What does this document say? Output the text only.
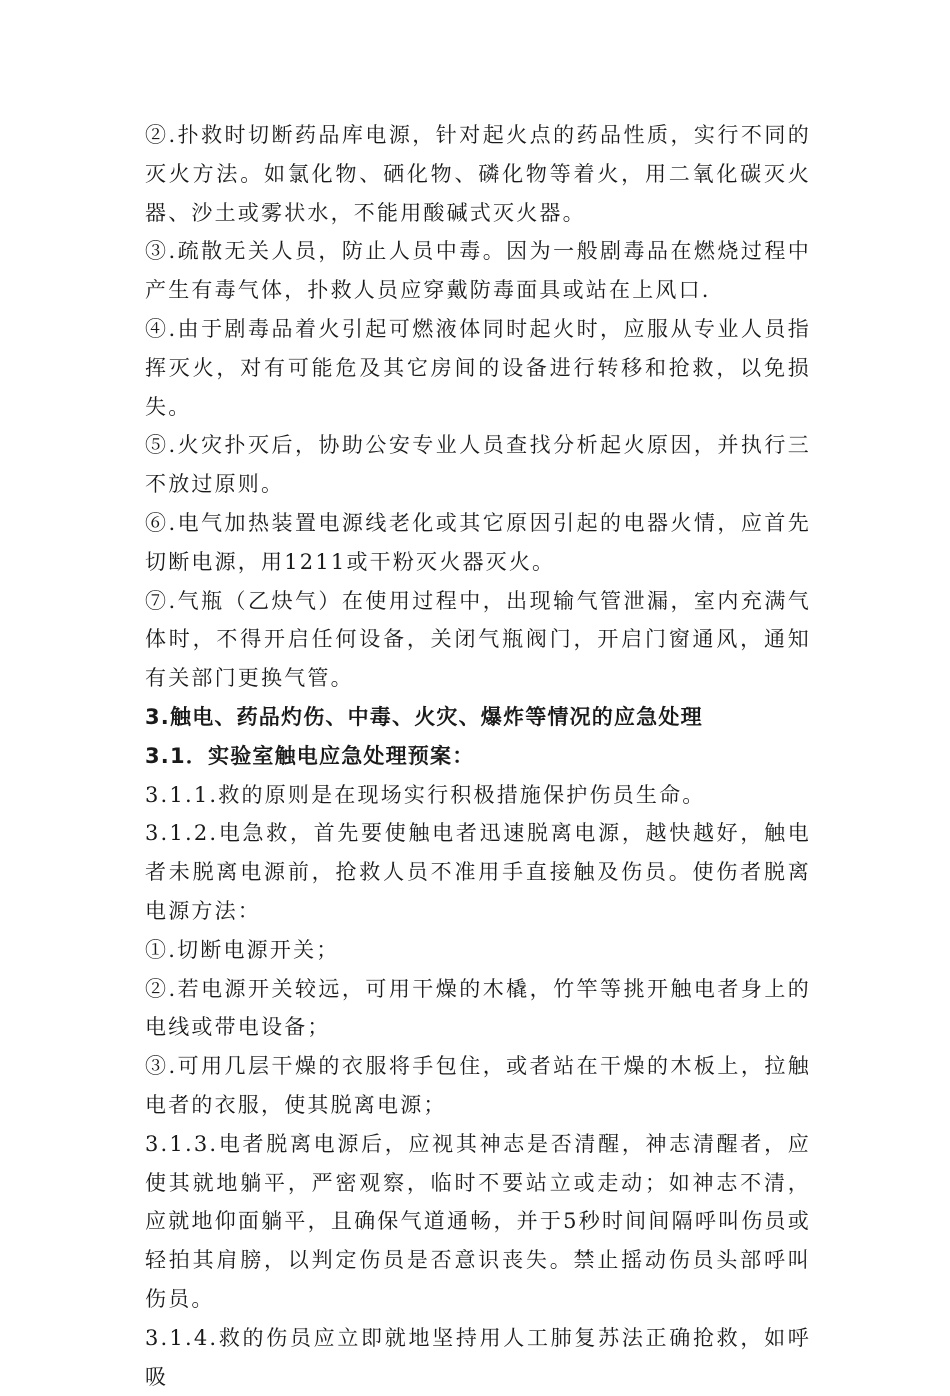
②.扑救时切断药品库电源，针对起火点的药品性质，实行不同的灭火方法。如氯化物、硒化物、磷化物等着火，用二氧化碳灭火器、沙土或雾状水，不能用酸碱式灭火器。

③.疏散无关人员，防止人员中毒。因为一般剧毒品在燃烧过程中产生有毒气体，扑救人员应穿戴防毒面具或站在上风口.

④.由于剧毒品着火引起可燃液体同时起火时，应服从专业人员指挥灭火，对有可能危及其它房间的设备进行转移和抢救，以免损失。

⑤.火灾扑灭后，协助公安专业人员查找分析起火原因，并执行三不放过原则。

⑥.电气加热装置电源线老化或其它原因引起的电器火情，应首先切断电源，用1211或干粉灭火器灭火。

⑦.气瓶（乙炔气）在使用过程中，出现输气管泄漏，室内充满气体时，不得开启任何设备，关闭气瓶阀门，开启门窗通风，通知有关部门更换气管。

3.触电、药品灼伤、中毒、火灾、爆炸等情况的应急处理

3.1．实验室触电应急处理预案：

3.1.1.救的原则是在现场实行积极措施保护伤员生命。

3.1.2.电急救，首先要使触电者迅速脱离电源，越快越好，触电者未脱离电源前，抢救人员不准用手直接触及伤员。使伤者脱离电源方法：

①.切断电源开关；

②.若电源开关较远，可用干燥的木橇，竹竿等挑开触电者身上的电线或带电设备；

③.可用几层干燥的衣服将手包住，或者站在干燥的木板上，拉触电者的衣服，使其脱离电源；

3.1.3.电者脱离电源后，应视其神志是否清醒，神志清醒者，应使其就地躺平，严密观察，临时不要站立或走动；如神志不清，应就地仰面躺平，且确保气道通畅，并于5秒时间间隔呼叫伤员或轻拍其肩膀，以判定伤员是否意识丧失。禁止摇动伤员头部呼叫伤员。

3.1.4.救的伤员应立即就地坚持用人工肺复苏法正确抢救，如呼吸
